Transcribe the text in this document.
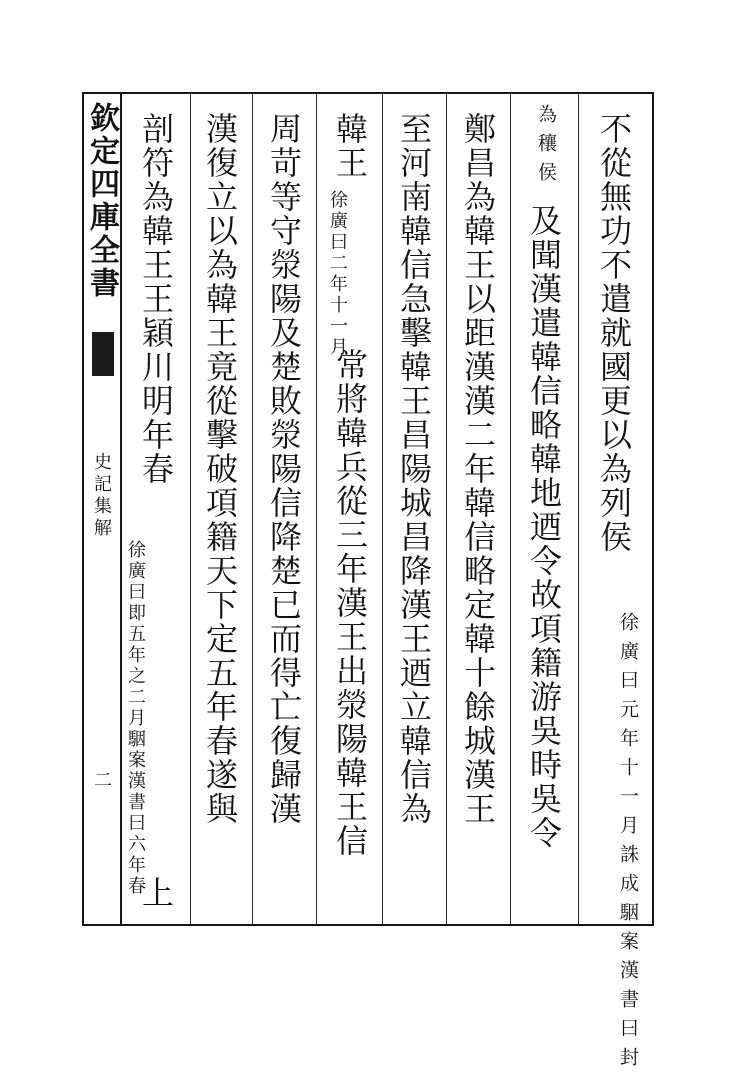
欽定四庫全書
史記集解
二
不從無功不遣就國更以為列侯
徐廣曰元年十一月誅成駰案漢書曰封
為穰侯
及聞漢遣韓信略韓地迺令故項籍游吳時吳令
鄭昌為韓王以距漢漢二年韓信略定韓十餘城漢王
至河南韓信急擊韓王昌陽城昌降漢王迺立韓信為
韓王
徐廣曰二年十一月
常將韓兵從三年漢王出滎陽韓王信
周苛等守滎陽及楚敗滎陽信降楚已而得亡復歸漢
漢復立以為韓王竟從擊破項籍天下定五年春遂與
剖符為韓王王穎川明年春
徐廣曰即五年之二月駰案漢書曰六年春
上
